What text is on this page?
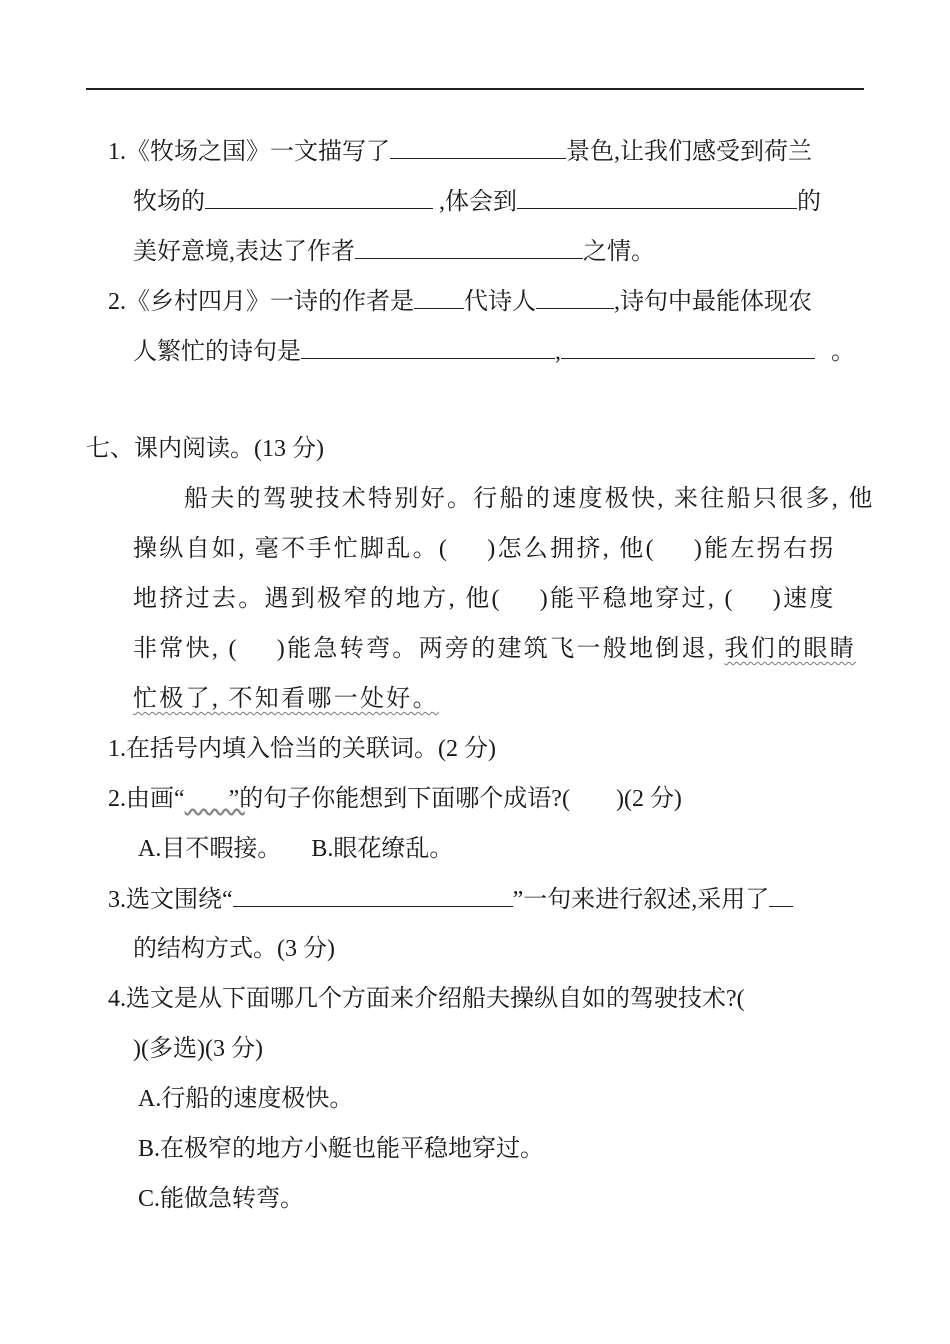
1.《牧场之国》一文描写了	景色,让我们感受到荷兰
牧场的	,体会到	的
美好意境,表达了作者	之情。
2.《乡村四月》一诗的作者是 代诗人	,诗句中最能体现农
人繁忙的诗句是	,	。
七、课内阅读。(13 分)
船夫的驾驶技术特别好。行船的速度极快, 来往船只很多, 他
操纵自如, 毫不手忙脚乱。( )怎么拥挤, 他( )能左拐右拐
地挤过去。遇到极窄的地方, 他( )能平稳地穿过, ( )速度
非常快, ( )能急转弯。两旁的建筑飞一般地倒退, 我们的眼睛
忙极了, 不知看哪一处好。
1.在括号内填入恰当的关联词。(2 分)
2.由画“​          ”的句子你能想到下面哪个成语?( )(2 分)
A.目不暇接。 B.眼花缭乱。
3.选文围绕“	”一句来进行叙述,采用了
的结构方式。(3 分)
4.选文是从下面哪几个方面来介绍船夫操纵自如的驾驶技术?(
)(多选)(3 分)
A.行船的速度极快。
B.在极窄的地方小艇也能平稳地穿过。
C.能做急转弯。
